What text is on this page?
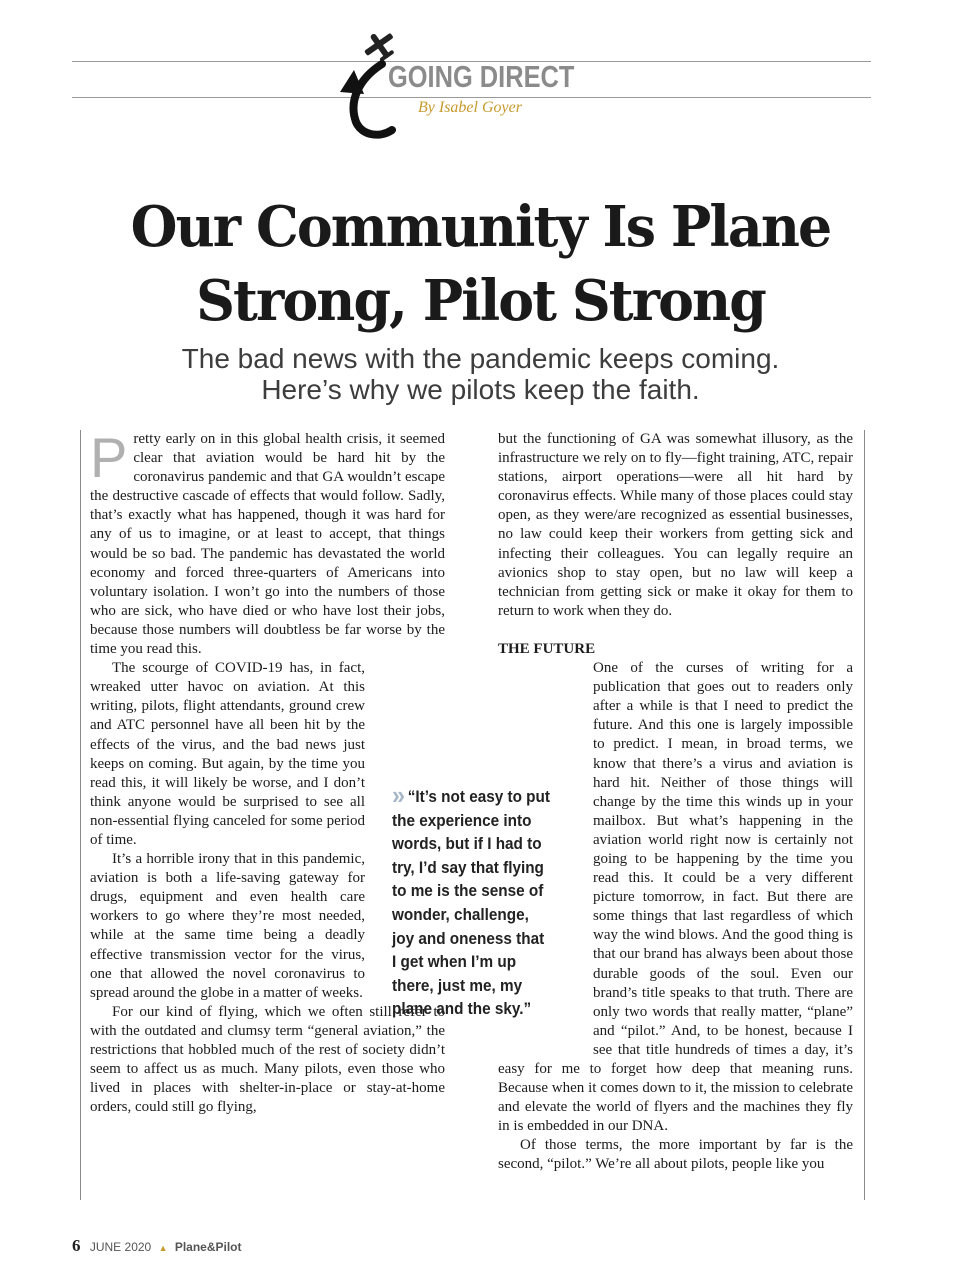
GOING DIRECT
By Isabel Goyer
Our Community Is Plane
Strong, Pilot Strong
The bad news with the pandemic keeps coming.
Here’s why we pilots keep the faith.

Pretty early on in this global health crisis, it seemed clear that aviation would be hard hit by the coronavirus pandemic and that GA wouldn’t escape the destructive cascade of effects that would follow. Sadly, that’s exactly what has happened, though it was hard for any of us to imagine, or at least to accept, that things would be so bad. The pandemic has devastated the world economy and forced three-quarters of Americans into voluntary isolation. I won’t go into the numbers of those who are sick, who have died or who have lost their jobs, because those numbers will doubtless be far worse by the time you read this.

The scourge of COVID-19 has, in fact, wreaked utter havoc on aviation. At this writing, pilots, flight attendants, ground crew and ATC personnel have all been hit by the effects of the virus, and the bad news just keeps on coming. But again, by the time you read this, it will likely be worse, and I don’t think anyone would be surprised to see all non-essential flying canceled for some period of time.

It’s a horrible irony that in this pandemic, aviation is both a life-saving gateway for drugs, equipment and even health care workers to go where they’re most needed, while at the same time being a deadly effective transmission vector for the virus, one that allowed the novel coronavirus to spread around the globe in a matter of weeks.

For our kind of flying, which we often still refer to with the outdated and clumsy term “general aviation,” the restrictions that hobbled much of the rest of society didn’t seem to affect us as much. Many pilots, even those who lived in places with shelter-in-place or stay-at-home orders, could still go flying,

but the functioning of GA was somewhat illusory, as the infrastructure we rely on to fly—fight training, ATC, repair stations, airport operations—were all hit hard by coronavirus effects. While many of those places could stay open, as they were/are recognized as essential businesses, no law could keep their workers from getting sick and infecting their colleagues. You can legally require an avionics shop to stay open, but no law will keep a technician from getting sick or make it okay for them to return to work when they do.

THE FUTURE

One of the curses of writing for a publication that goes out to readers only after a while is that I need to predict the future. And this one is largely impossible to predict. I mean, in broad terms, we know that there’s a virus and aviation is hard hit. Neither of those things will change by the time this winds up in your mailbox. But what’s happening in the aviation world right now is certainly not going to be happening by the time you read this. It could be a very different picture tomorrow, in fact. But there are some things that last regardless of which way the wind blows. And the good thing is that our brand has always been about those durable goods of the soul. Even our brand’s title speaks to that truth. There are only two words that really matter, “plane” and “pilot.” And, to be honest, because I see that title hundreds of times a day, it’s easy for me to forget how deep that meaning runs. Because when it comes down to it, the mission to celebrate and elevate the world of flyers and the machines they fly in is embedded in our DNA.

Of those terms, the more important by far is the second, “pilot.” We’re all about pilots, people like you

» “It’s not easy to put the experience into words, but if I had to try, I’d say that flying to me is the sense of wonder, challenge, joy and oneness that I get when I’m up there, just me, my plane and the sky.”
6 JUNE 2020 ▲ Plane&Pilot
